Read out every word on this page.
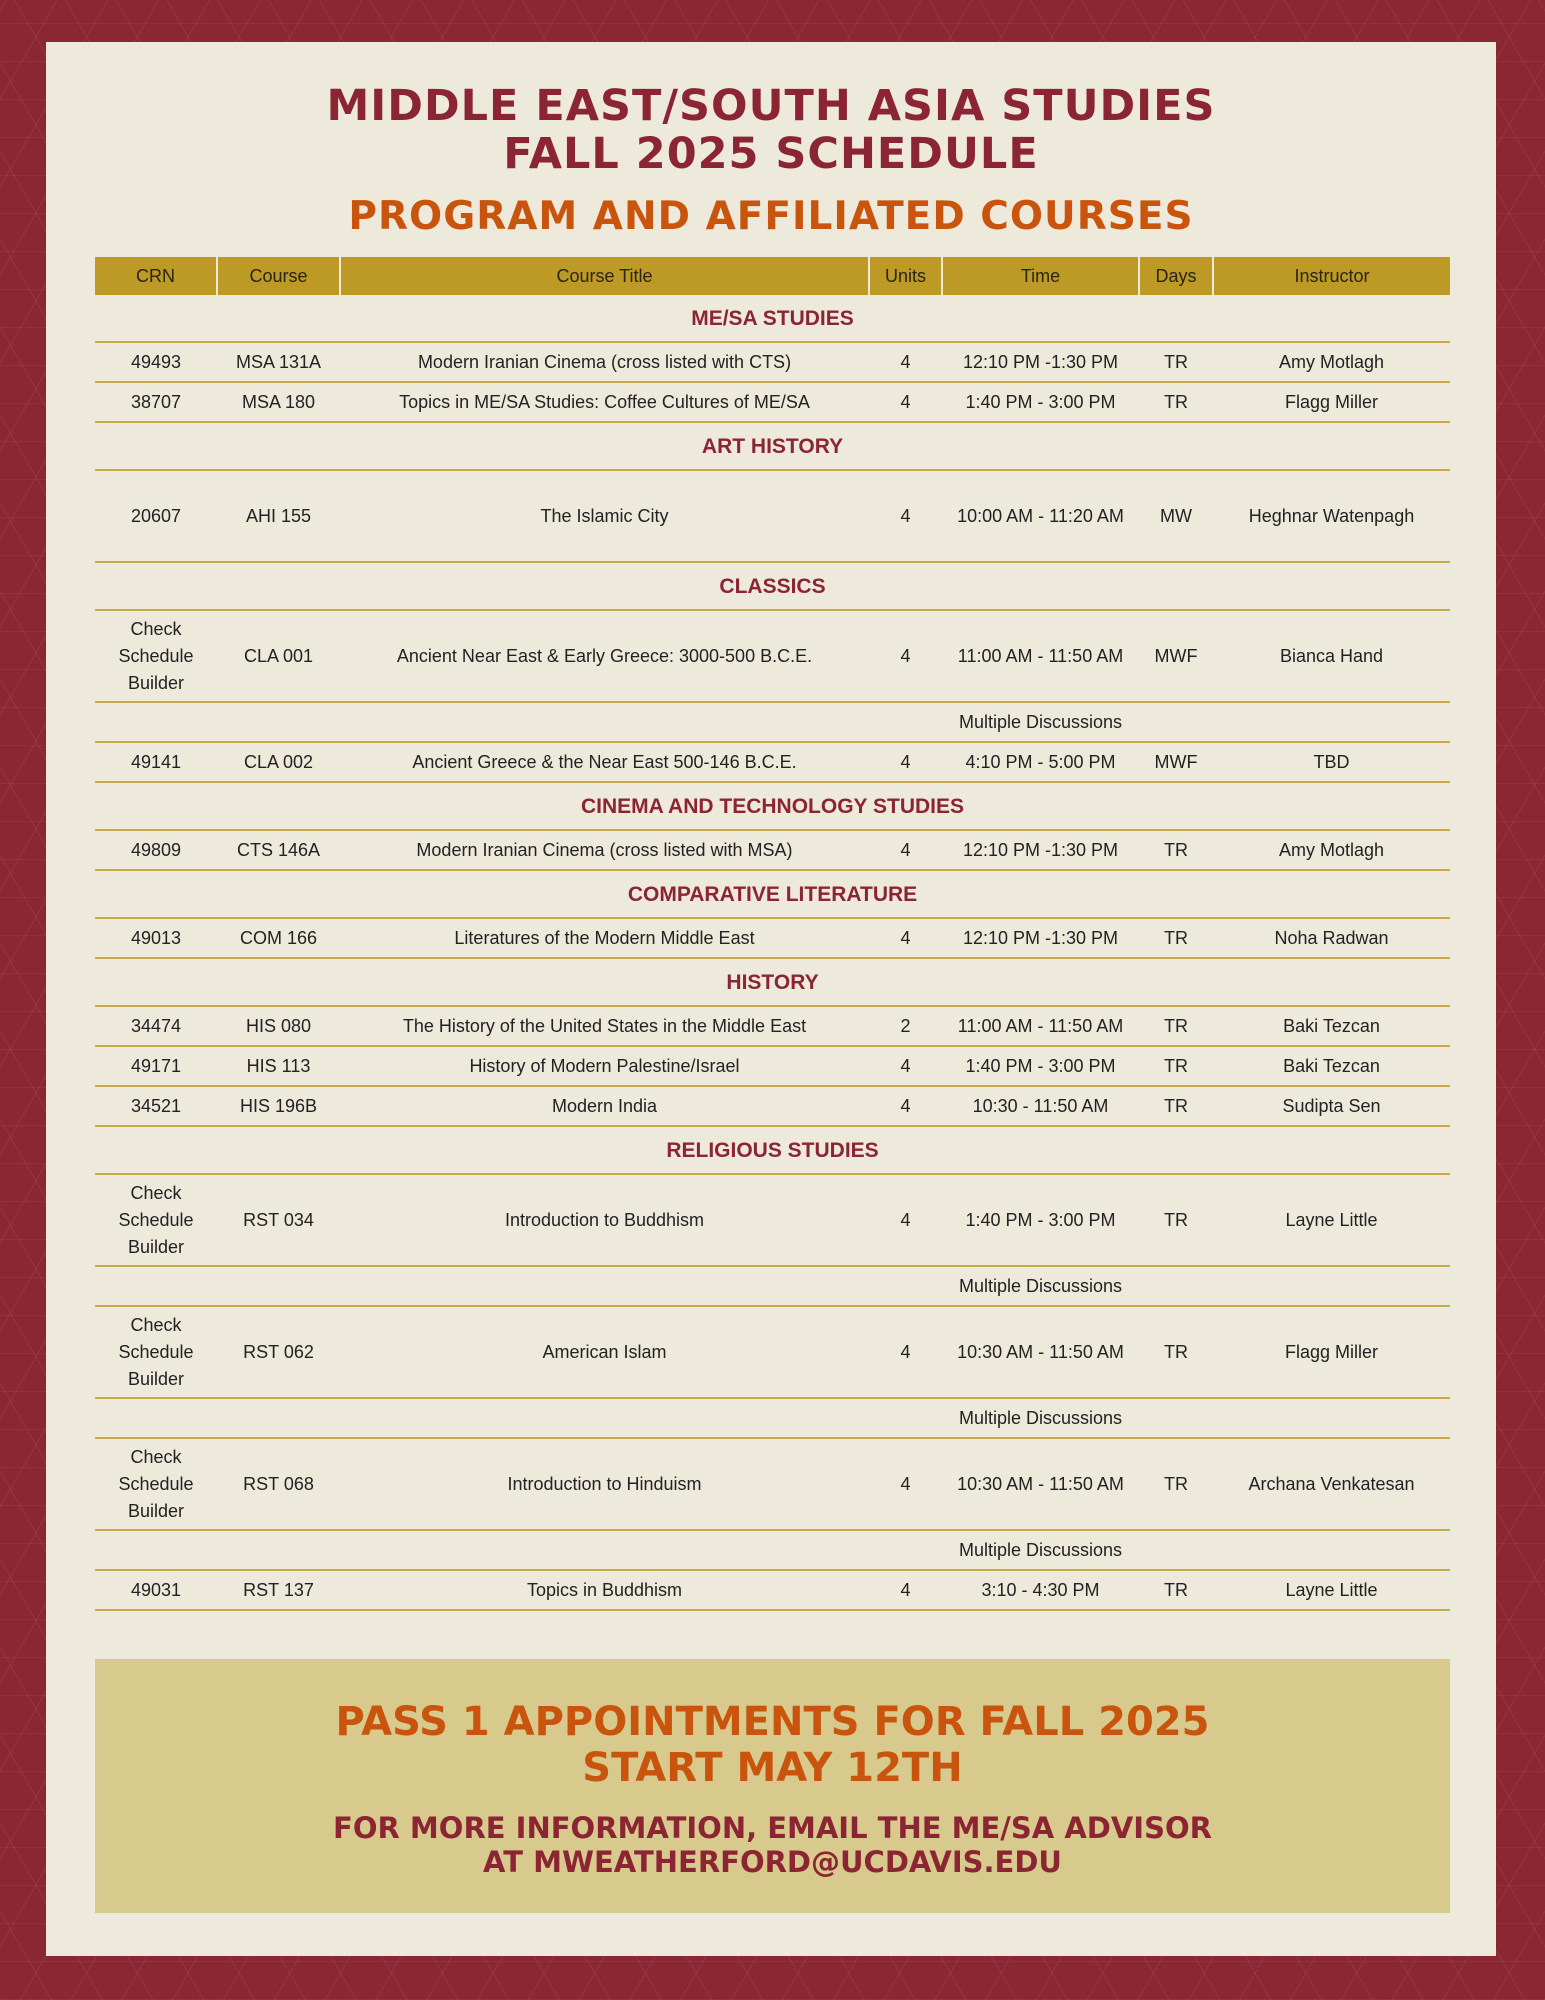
MIDDLE EAST/SOUTH ASIA STUDIES
FALL 2025 SCHEDULE
PROGRAM AND AFFILIATED COURSES
CRN	Course	Course Title	Units	Time	Days	Instructor
ME/SA STUDIES						
49493	MSA 131A	Modern Iranian Cinema (cross listed with CTS)	4	12:10 PM -1:30 PM	TR	Amy Motlagh
38707	MSA 180	Topics in ME/SA Studies: Coffee Cultures of ME/SA	4	1:40 PM - 3:00 PM	TR	Flagg Miller
ART HISTORY						
20607	AHI 155	The Islamic City	4	10:00 AM - 11:20 AM	MW	Heghnar Watenpagh
CLASSICS						
Check Schedule Builder	CLA 001	Ancient Near East & Early Greece: 3000-500 B.C.E.	4	11:00 AM - 11:50 AM	MWF	Bianca Hand
				Multiple Discussions		
49141	CLA 002	Ancient Greece & the Near East 500-146 B.C.E.	4	4:10 PM - 5:00 PM	MWF	TBD
CINEMA AND TECHNOLOGY STUDIES						
49809	CTS 146A	Modern Iranian Cinema (cross listed with MSA)	4	12:10 PM -1:30 PM	TR	Amy Motlagh
COMPARATIVE LITERATURE						
49013	COM 166	Literatures of the Modern Middle East	4	12:10 PM -1:30 PM	TR	Noha Radwan
HISTORY						
34474	HIS 080	The History of the United States in the Middle East	2	11:00 AM - 11:50 AM	TR	Baki Tezcan
49171	HIS 113	History of Modern Palestine/Israel	4	1:40 PM - 3:00 PM	TR	Baki Tezcan
34521	HIS 196B	Modern India	4	10:30 - 11:50 AM	TR	Sudipta Sen
RELIGIOUS STUDIES						
Check Schedule Builder	RST 034	Introduction to Buddhism	4	1:40 PM - 3:00 PM	TR	Layne Little
				Multiple Discussions		
Check Schedule Builder	RST 062	American Islam	4	10:30 AM - 11:50 AM	TR	Flagg Miller
				Multiple Discussions		
Check Schedule Builder	RST 068	Introduction to Hinduism	4	10:30 AM - 11:50 AM	TR	Archana Venkatesan
				Multiple Discussions		
49031	RST 137	Topics in Buddhism	4	3:10 - 4:30 PM	TR	Layne Little
PASS 1 APPOINTMENTS FOR FALL 2025
START MAY 12TH
FOR MORE INFORMATION, EMAIL THE ME/SA ADVISOR
AT MWEATHERFORD@UCDAVIS.EDU
